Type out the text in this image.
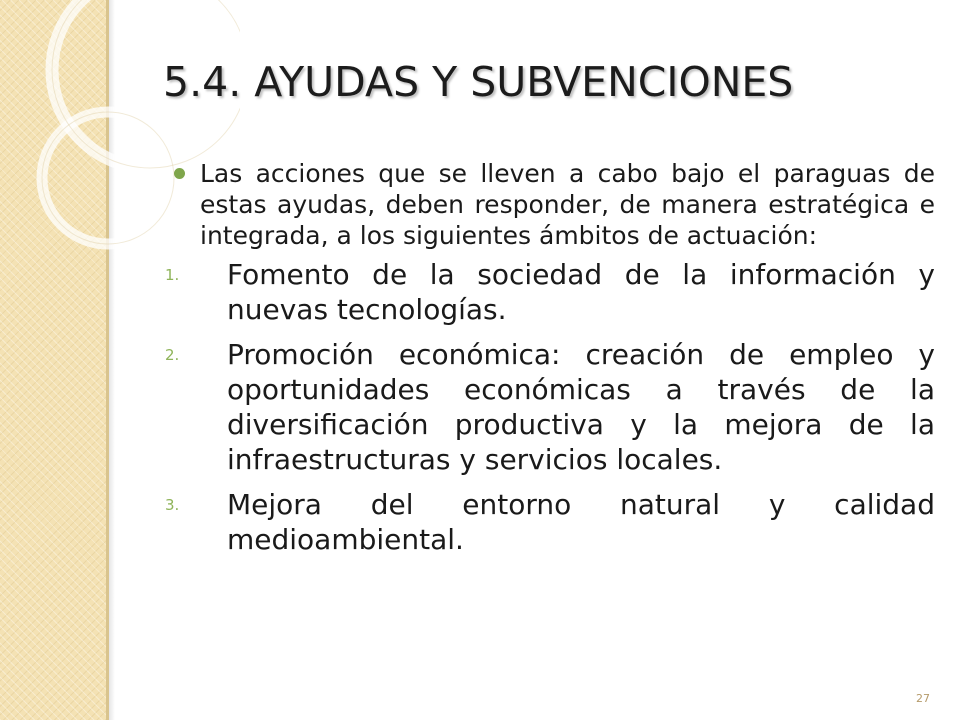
5.4. AYUDAS Y SUBVENCIONES

Las acciones que se lleven a cabo bajo el paraguas de estas ayudas, deben responder, de manera estratégica e integrada, a los siguientes ámbitos de actuación:

1. Fomento de la sociedad de la información y nuevas tecnologías.
2. Promoción económica: creación de empleo y oportunidades económicas a través de la diversificación productiva y la mejora de la infraestructuras y servicios locales.
3. Mejora del entorno natural y calidad medioambiental.
27
